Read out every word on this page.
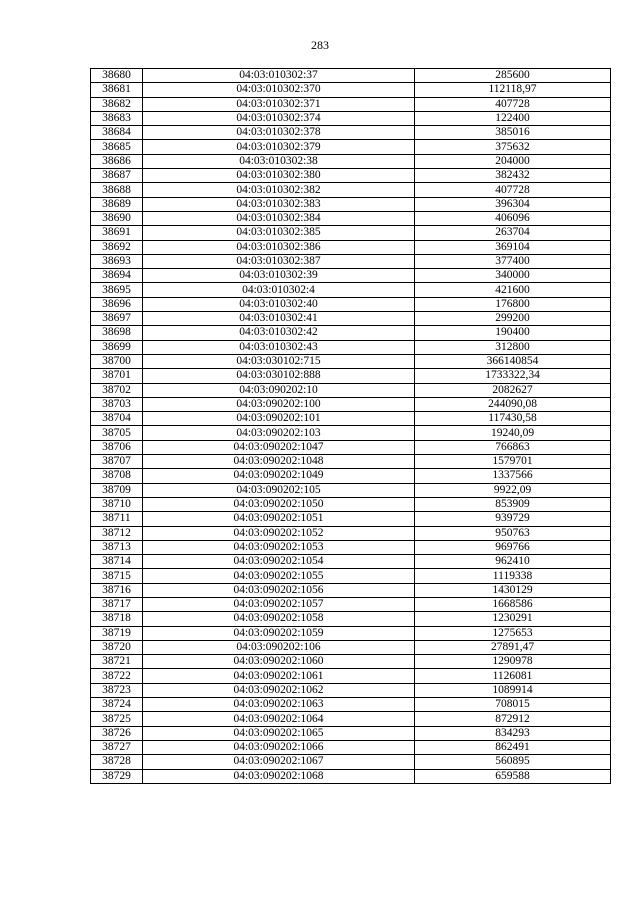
283
38680	04:03:010302:37	285600
38681	04:03:010302:370	112118,97
38682	04:03:010302:371	407728
38683	04:03:010302:374	122400
38684	04:03:010302:378	385016
38685	04:03:010302:379	375632
38686	04:03:010302:38	204000
38687	04:03:010302:380	382432
38688	04:03:010302:382	407728
38689	04:03:010302:383	396304
38690	04:03:010302:384	406096
38691	04:03:010302:385	263704
38692	04:03:010302:386	369104
38693	04:03:010302:387	377400
38694	04:03:010302:39	340000
38695	04:03:010302:4	421600
38696	04:03:010302:40	176800
38697	04:03:010302:41	299200
38698	04:03:010302:42	190400
38699	04:03:010302:43	312800
38700	04:03:030102:715	366140854
38701	04:03:030102:888	1733322,34
38702	04:03:090202:10	2082627
38703	04:03:090202:100	244090,08
38704	04:03:090202:101	117430,58
38705	04:03:090202:103	19240,09
38706	04:03:090202:1047	766863
38707	04:03:090202:1048	1579701
38708	04:03:090202:1049	1337566
38709	04:03:090202:105	9922,09
38710	04:03:090202:1050	853909
38711	04:03:090202:1051	939729
38712	04:03:090202:1052	950763
38713	04:03:090202:1053	969766
38714	04:03:090202:1054	962410
38715	04:03:090202:1055	1119338
38716	04:03:090202:1056	1430129
38717	04:03:090202:1057	1668586
38718	04:03:090202:1058	1230291
38719	04:03:090202:1059	1275653
38720	04:03:090202:106	27891,47
38721	04:03:090202:1060	1290978
38722	04:03:090202:1061	1126081
38723	04:03:090202:1062	1089914
38724	04:03:090202:1063	708015
38725	04:03:090202:1064	872912
38726	04:03:090202:1065	834293
38727	04:03:090202:1066	862491
38728	04:03:090202:1067	560895
38729	04:03:090202:1068	659588
